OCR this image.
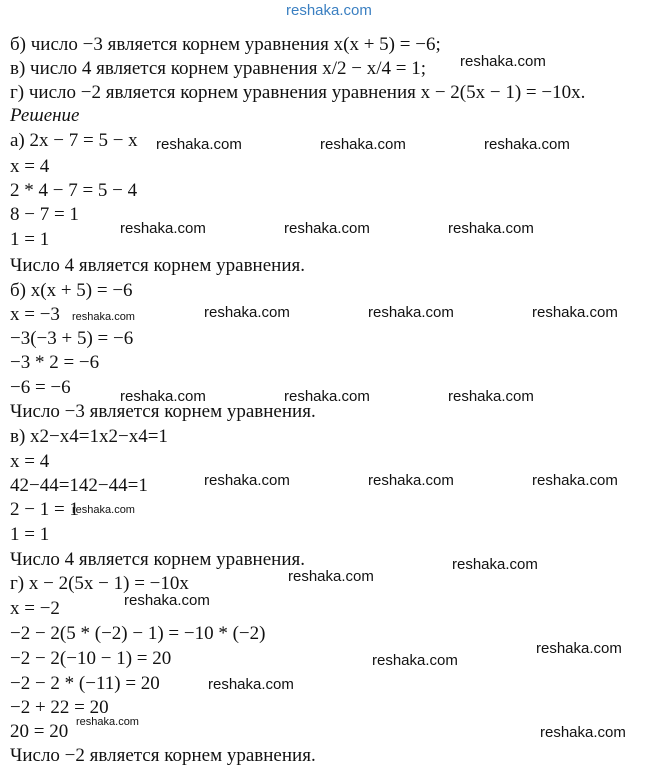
reshaka.com
б) число −3 является корнем уравнения x(x + 5) = −6;
в) число 4 является корнем уравнения x/2 − x/4 = 1;
г) число −2 является корнем уравнения уравнения x − 2(5x − 1) = −10x.
Решение
а) 2x − 7 = 5 − x
x = 4
2 * 4 − 7 = 5 − 4
8 − 7 = 1
1 = 1
Число 4 является корнем уравнения.
б) x(x + 5) = −6
x = −3
−3(−3 + 5) = −6
−3 * 2 = −6
−6 = −6
Число −3 является корнем уравнения.
в) x2−x4=1x2−x4=1
x = 4
42−44=142−44=1
2 − 1 = 1
1 = 1
Число 4 является корнем уравнения.
г) x − 2(5x − 1) = −10x
x = −2
−2 − 2(5 * (−2) − 1) = −10 * (−2)
−2 − 2(−10 − 1) = 20
−2 − 2 * (−11) = 20
−2 + 22 = 20
20 = 20
Число −2 является корнем уравнения.
reshaka.com
reshaka.com	reshaka.com	reshaka.com
reshaka.com	reshaka.com	reshaka.com
reshaka.com	reshaka.com	reshaka.com	reshaka.com
reshaka.com	reshaka.com	reshaka.com
reshaka.com	reshaka.com	reshaka.com
reshaka.com
reshaka.com
reshaka.com
reshaka.com
reshaka.com
reshaka.com
reshaka.com
reshaka.com
reshaka.com
